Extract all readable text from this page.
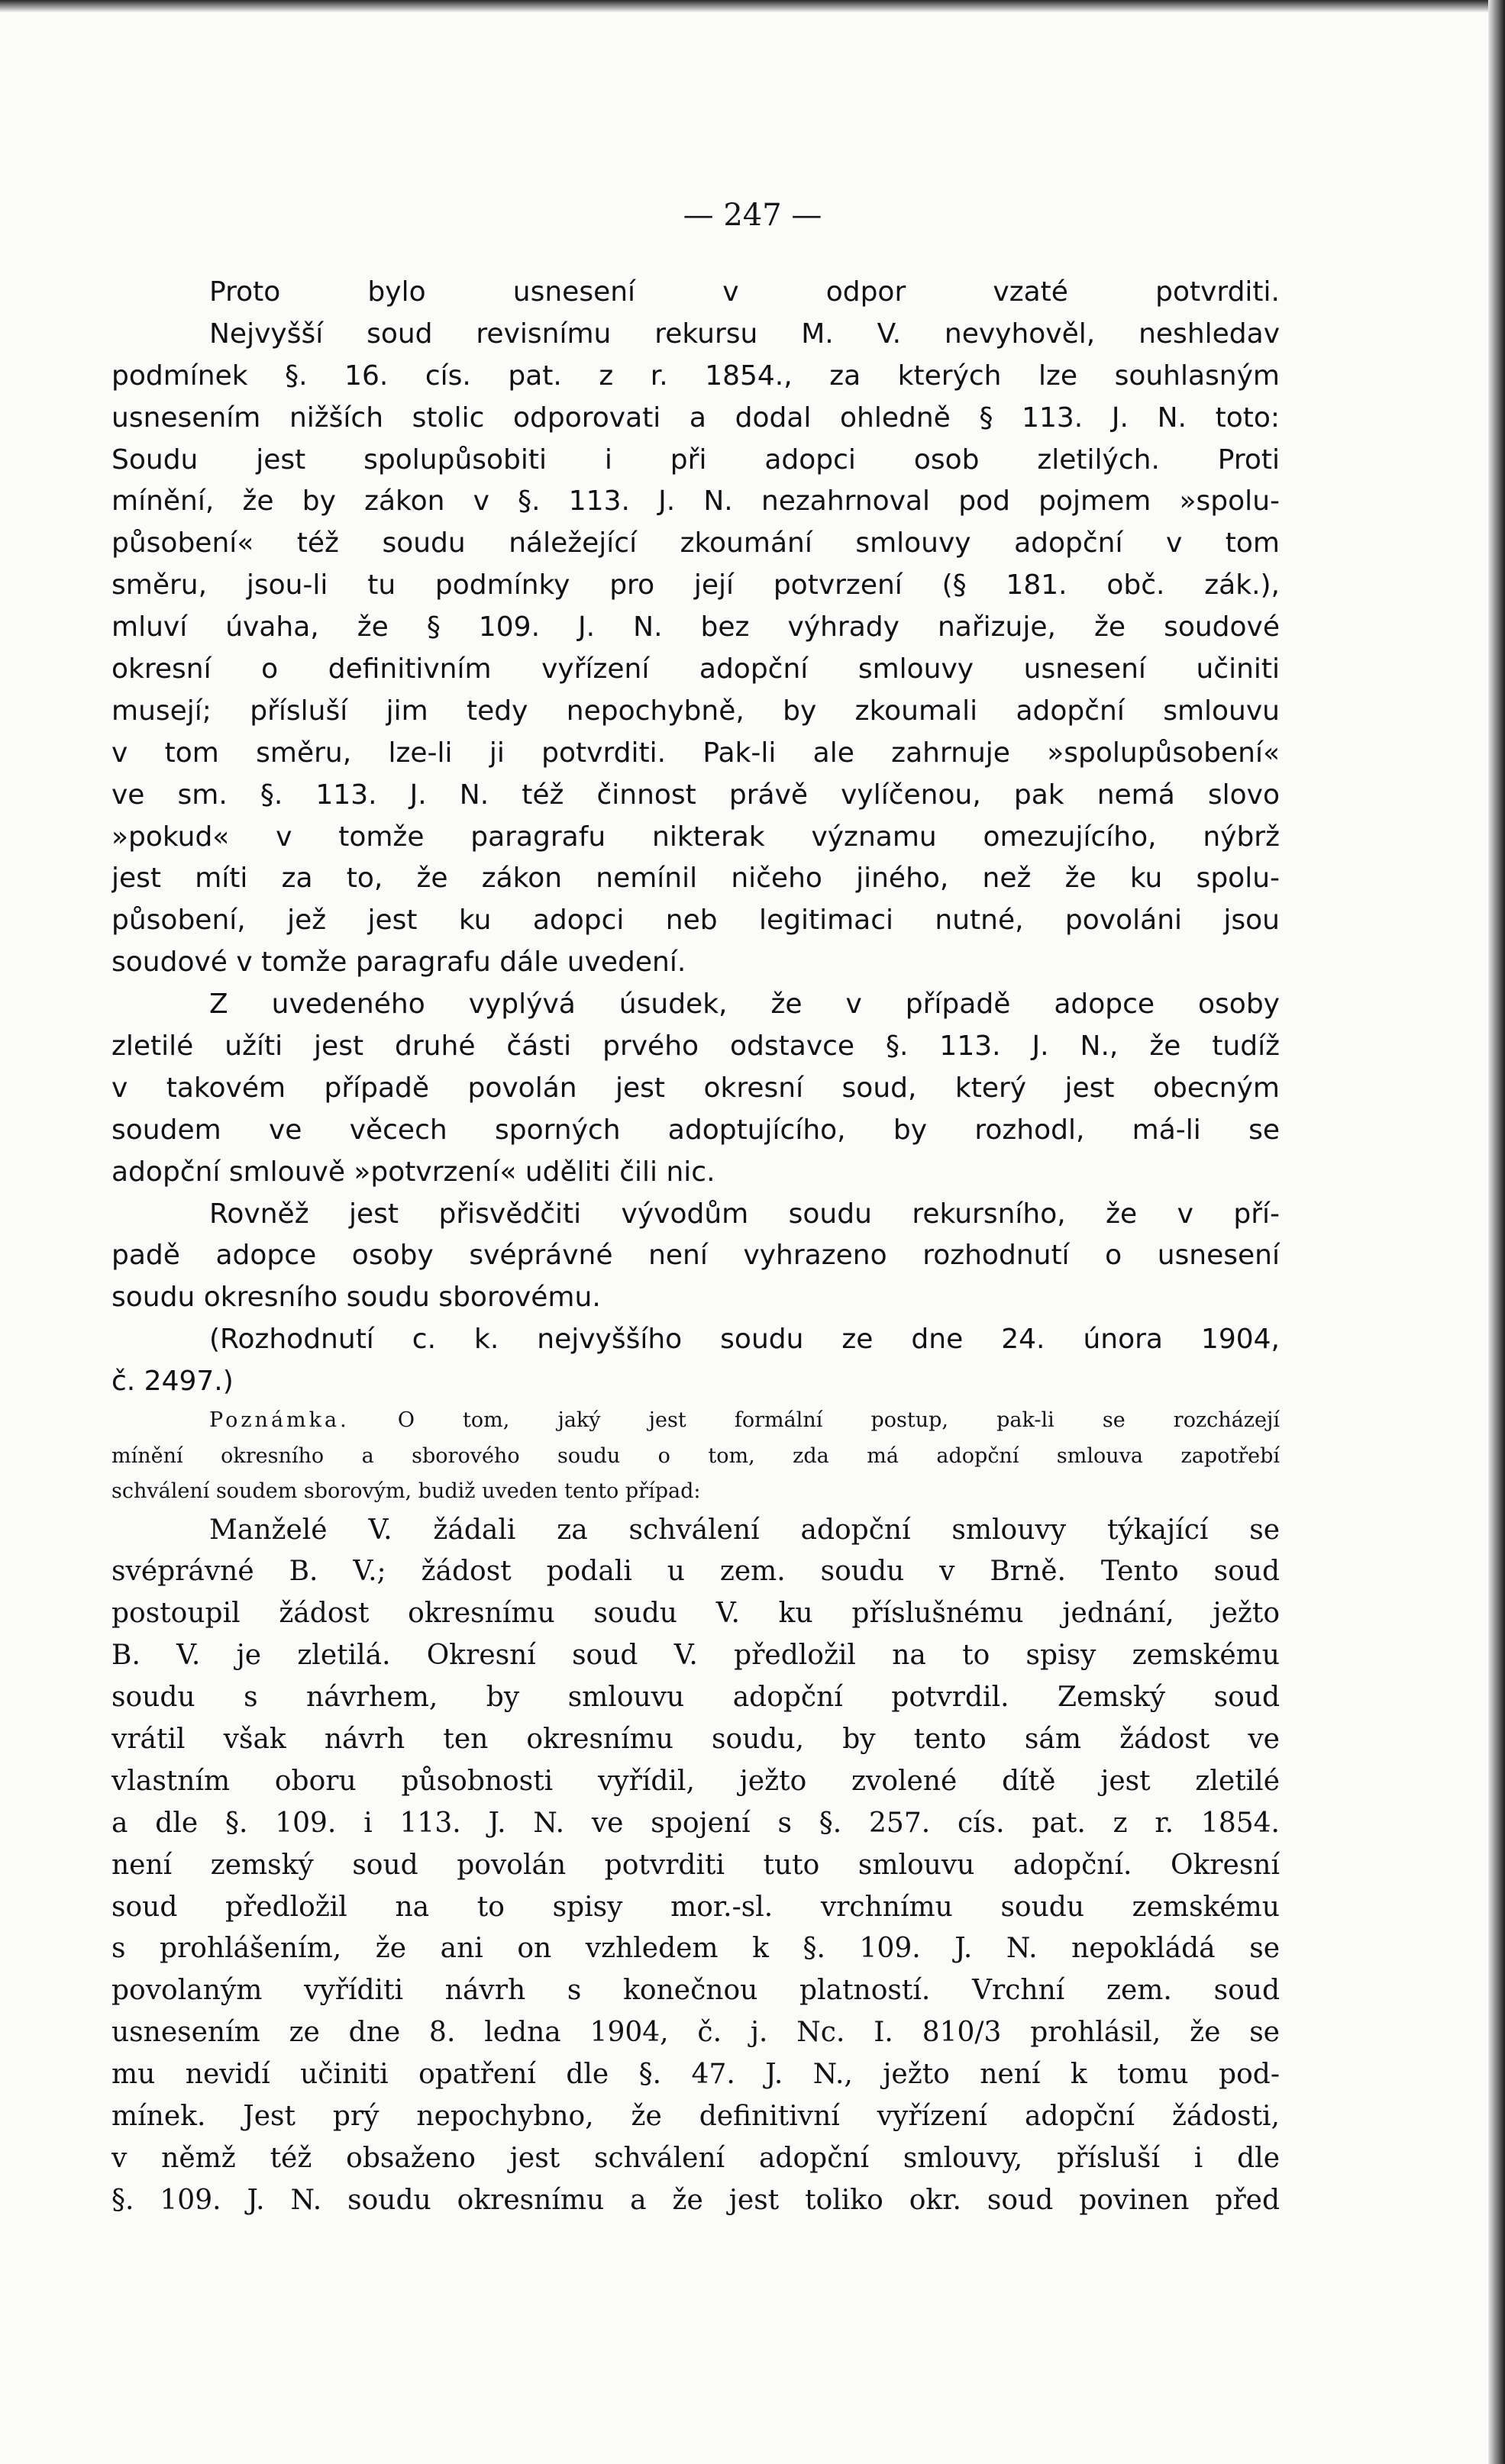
— 247 —
Proto bylo usnesení v odpor vzaté potvrditi.
Nejvyšší soud revisnímu rekursu M. V. nevyhověl, neshledav
podmínek §. 16. cís. pat. z r. 1854., za kterých lze souhlasným
usnesením nižších stolic odporovati a dodal ohledně § 113. J. N. toto:
Soudu jest spolupůsobiti i při adopci osob zletilých. Proti
mínění, že by zákon v §. 113. J. N. nezahrnoval pod pojmem »spolu-
působení« též soudu náležející zkoumání smlouvy adopční v tom
směru, jsou-li tu podmínky pro její potvrzení (§ 181. obč. zák.),
mluví úvaha, že § 109. J. N. bez výhrady nařizuje, že soudové
okresní o definitivním vyřízení adopční smlouvy usnesení učiniti
musejí; přísluší jim tedy nepochybně, by zkoumali adopční smlouvu
v tom směru, lze-li ji potvrditi. Pak-li ale zahrnuje »spolupůsobení«
ve sm. §. 113. J. N. též činnost právě vylíčenou, pak nemá slovo
»pokud« v tomže paragrafu nikterak významu omezujícího, nýbrž
jest míti za to, že zákon nemínil ničeho jiného, než že ku spolu-
působení, jež jest ku adopci neb legitimaci nutné, povoláni jsou
soudové v tomže paragrafu dále uvedení.
Z uvedeného vyplývá úsudek, že v případě adopce osoby
zletilé užíti jest druhé části prvého odstavce §. 113. J. N., že tudíž
v takovém případě povolán jest okresní soud, který jest obecným
soudem ve věcech sporných adoptujícího, by rozhodl, má-li se
adopční smlouvě »potvrzení« uděliti čili nic.
Rovněž jest přisvědčiti vývodům soudu rekursního, že v pří-
padě adopce osoby svéprávné není vyhrazeno rozhodnutí o usnesení
soudu okresního soudu sborovému.
(Rozhodnutí c. k. nejvyššího soudu ze dne 24. února 1904,
č. 2497.)
Poznámka. O tom, jaký jest formální postup, pak-li se rozcházejí
mínění okresního a sborového soudu o tom, zda má adopční smlouva zapotřebí
schválení soudem sborovým, budiž uveden tento případ:
Manželé V. žádali za schválení adopční smlouvy týkající se
svéprávné B. V.; žádost podali u zem. soudu v Brně. Tento soud
postoupil žádost okresnímu soudu V. ku příslušnému jednání, ježto
B. V. je zletilá. Okresní soud V. předložil na to spisy zemskému
soudu s návrhem, by smlouvu adopční potvrdil. Zemský soud
vrátil však návrh ten okresnímu soudu, by tento sám žádost ve
vlastním oboru působnosti vyřídil, ježto zvolené dítě jest zletilé
a dle §. 109. i 113. J. N. ve spojení s §. 257. cís. pat. z r. 1854.
není zemský soud povolán potvrditi tuto smlouvu adopční. Okresní
soud předložil na to spisy mor.-sl. vrchnímu soudu zemskému
s prohlášením, že ani on vzhledem k §. 109. J. N. nepokládá se
povolaným vyříditi návrh s konečnou platností. Vrchní zem. soud
usnesením ze dne 8. ledna 1904, č. j. Nc. I. 810/3 prohlásil, že se
mu nevidí učiniti opatření dle §. 47. J. N., ježto není k tomu pod-
mínek. Jest prý nepochybno, že definitivní vyřízení adopční žádosti,
v němž též obsaženo jest schválení adopční smlouvy, přísluší i dle
§. 109. J. N. soudu okresnímu a že jest toliko okr. soud povinen před
